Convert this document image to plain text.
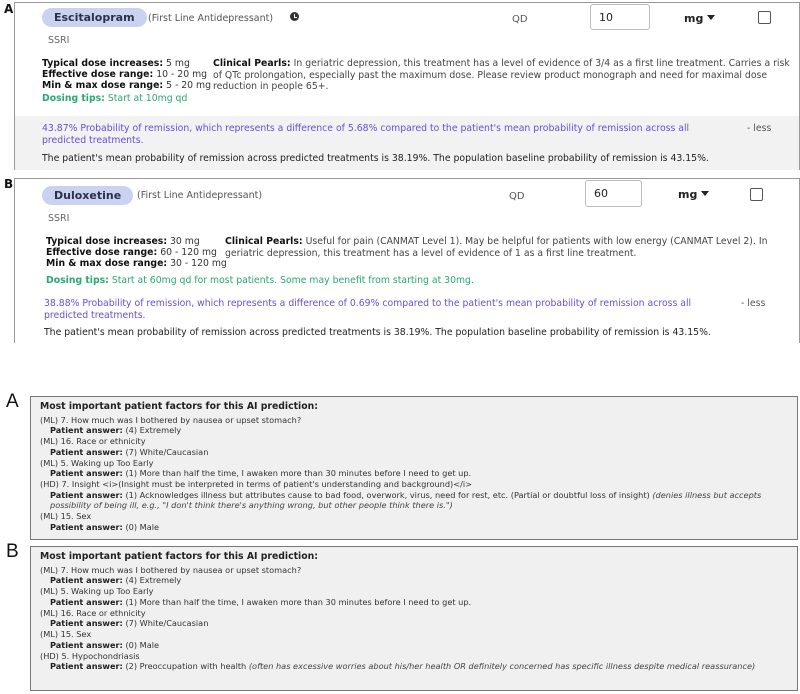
A
B
Escitalopram	(First Line Antidepressant)
SSRI
QD
10	mg
Typical dose increases: 5 mg
Effective dose range: 10 - 20 mg
Min & max dose range: 5 - 20 mg
Dosing tips: Start at 10mg qd
Clinical Pearls: In geriatric depression, this treatment has a level of evidence of 3/4 as a first line treatment. Carries a risk of QTc prolongation, especially past the maximum dose. Please review product monograph and need for maximal dose reduction in people 65+.
43.87% Probability of remission, which represents a difference of 5.68% compared to the patient's mean probability of remission across all predicted treatments.
- less
The patient's mean probability of remission across predicted treatments is 38.19%. The population baseline probability of remission is 43.15%.
Duloxetine	(First Line Antidepressant)
SSRI
QD
60	mg
Typical dose increases: 30 mg
Effective dose range: 60 - 120 mg
Min & max dose range: 30 - 120 mg
Dosing tips: Start at 60mg qd for most patients. Some may benefit from starting at 30mg.
Clinical Pearls: Useful for pain (CANMAT Level 1). May be helpful for patients with low energy (CANMAT Level 2). In geriatric depression, this treatment has a level of evidence of 1 as a first line treatment.
38.88% Probability of remission, which represents a difference of 0.69% compared to the patient's mean probability of remission across all predicted treatments.
- less
The patient's mean probability of remission across predicted treatments is 38.19%. The population baseline probability of remission is 43.15%.
A
B
Most important patient factors for this AI prediction:
(ML) 7. How much was I bothered by nausea or upset stomach?
Patient answer: (4) Extremely
(ML) 16. Race or ethnicity
Patient answer: (7) White/Caucasian
(ML) 5. Waking up Too Early
Patient answer: (1) More than half the time, I awaken more than 30 minutes before I need to get up.
(HD) 7. Insight <i>(Insight must be interpreted in terms of patient's understanding and background)</i>
Patient answer: (1) Acknowledges illness but attributes cause to bad food, overwork, virus, need for rest, etc. (Partial or doubtful loss of insight) (denies illness but accepts possibility of being ill, e.g., "I don't think there's anything wrong, but other people think there is.")
(ML) 15. Sex
Patient answer: (0) Male
Most important patient factors for this AI prediction:
(ML) 7. How much was I bothered by nausea or upset stomach?
Patient answer: (4) Extremely
(ML) 5. Waking up Too Early
Patient answer: (1) More than half the time, I awaken more than 30 minutes before I need to get up.
(ML) 16. Race or ethnicity
Patient answer: (7) White/Caucasian
(ML) 15. Sex
Patient answer: (0) Male
(HD) 5. Hypochondriasis
Patient answer: (2) Preoccupation with health (often has excessive worries about his/her health OR definitely concerned has specific illness despite medical reassurance)
